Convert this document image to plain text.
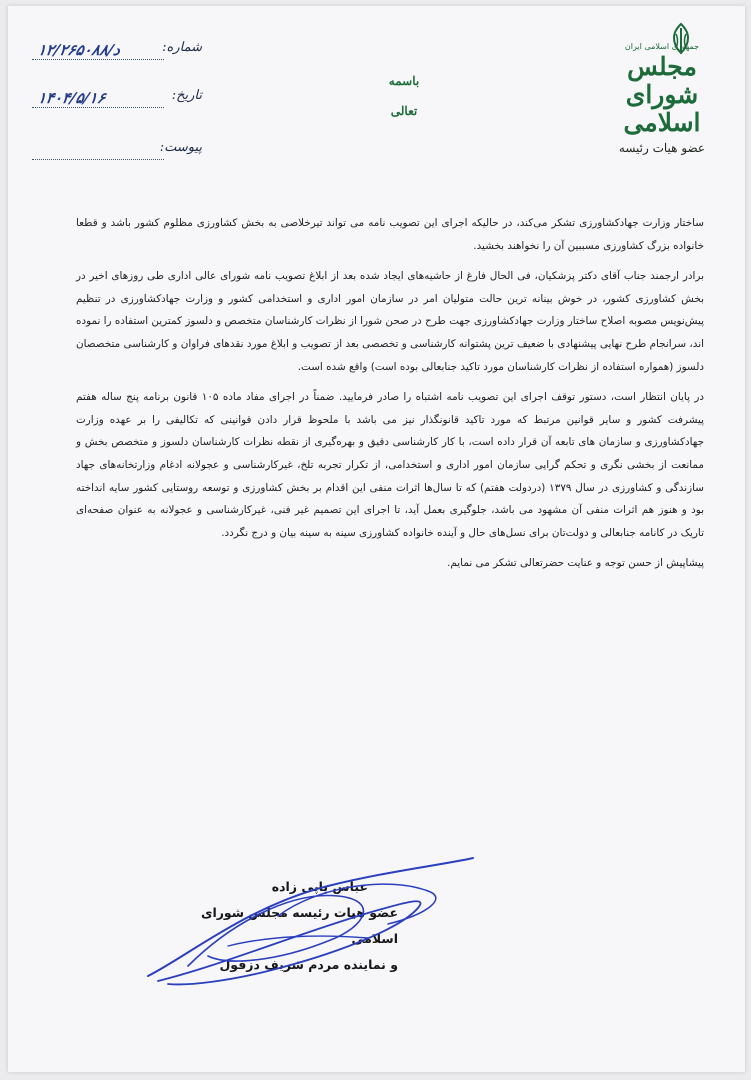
جمهوری اسلامی ایران
مجلس شورای اسلامی
عضو هیات رئیسه
باسمه تعالی
شماره:
۱۲/۲۶۵۰۸۸/د
تاریخ:
۱۴۰۴/۵/۱۶
پیوست:

ساختار وزارت جهادکشاورزی تشکر می‌کند، در حالیکه اجرای این تصویب نامه می تواند تیرخلاصی به بخش کشاورزی مظلوم کشور باشد و قطعا خانواده بزرگ کشاورزی مسببین آن را نخواهند بخشید.

برادر ارجمند جناب آقای دکتر پزشکیان، فی الحال فارغ از حاشیه‌های ایجاد شده بعد از ابلاغ تصویب نامه شورای عالی اداری طی روزهای اخیر در بخش کشاورزی کشور، در خوش بینانه ترین حالت متولیان امر در سازمان امور اداری و استخدامی کشور و وزارت جهادکشاورزی در تنظیم پیش‌نویس مصوبه اصلاح ساختار وزارت جهادکشاورزی جهت طرح در صحن شورا از نظرات کارشناسان متخصص و دلسوز کمترین استفاده را نموده اند، سرانجام طرح نهایی پیشنهادی با ضعیف ترین پشتوانه کارشناسی و تخصصی بعد از تصویب و ابلاغ مورد نقدهای فراوان و کارشناسی متخصصان دلسوز (همواره استفاده از نظرات کارشناسان مورد تاکید جنابعالی بوده است) واقع شده است.

در پایان انتظار است، دستور توقف اجرای این تصویب نامه اشتباه را صادر فرمایید. ضمناً در اجرای مفاد ماده ۱۰۵ قانون برنامه پنج ساله هفتم پیشرفت کشور و سایر قوانین مرتبط که مورد تاکید قانونگذار نیز می باشد با ملحوظ قرار دادن قوانینی که تکالیفی را بر عهده وزارت جهادکشاورزی و سازمان های تابعه آن قرار داده است، با کار کارشناسی دقیق و بهره‌گیری از نقطه نظرات کارشناسان دلسوز و متخصص بخش و ممانعت از بخشی نگری و تحکم گرایی سازمان امور اداری و استخدامی، از تکرار تجربه تلخ، غیرکارشناسی و عجولانه ادغام وزارتخانه‌های جهاد سازندگی و کشاورزی در سال ۱۳۷۹ (دردولت هفتم) که تا سال‌ها اثرات منفی این اقدام بر بخش کشاورزی و توسعه روستایی کشور سایه انداخته بود و هنوز هم اثرات منفی آن مشهود می باشد، جلوگیری بعمل آید، تا اجرای این تصمیم غیر فنی، غیرکارشناسی و عجولانه به عنوان صفحه‌ای تاریک در کانامه جنابعالی و دولت‌تان برای نسل‌های حال و آینده خانواده کشاورزی سینه به سینه بیان و درج نگردد.

پیشاپیش از حسن توجه و عنایت حضرتعالی تشکر می نمایم.

عباس پاپی زاده
عضو هیات رئیسه مجلس شورای اسلامی
و نماینده مردم شریف دزفول
